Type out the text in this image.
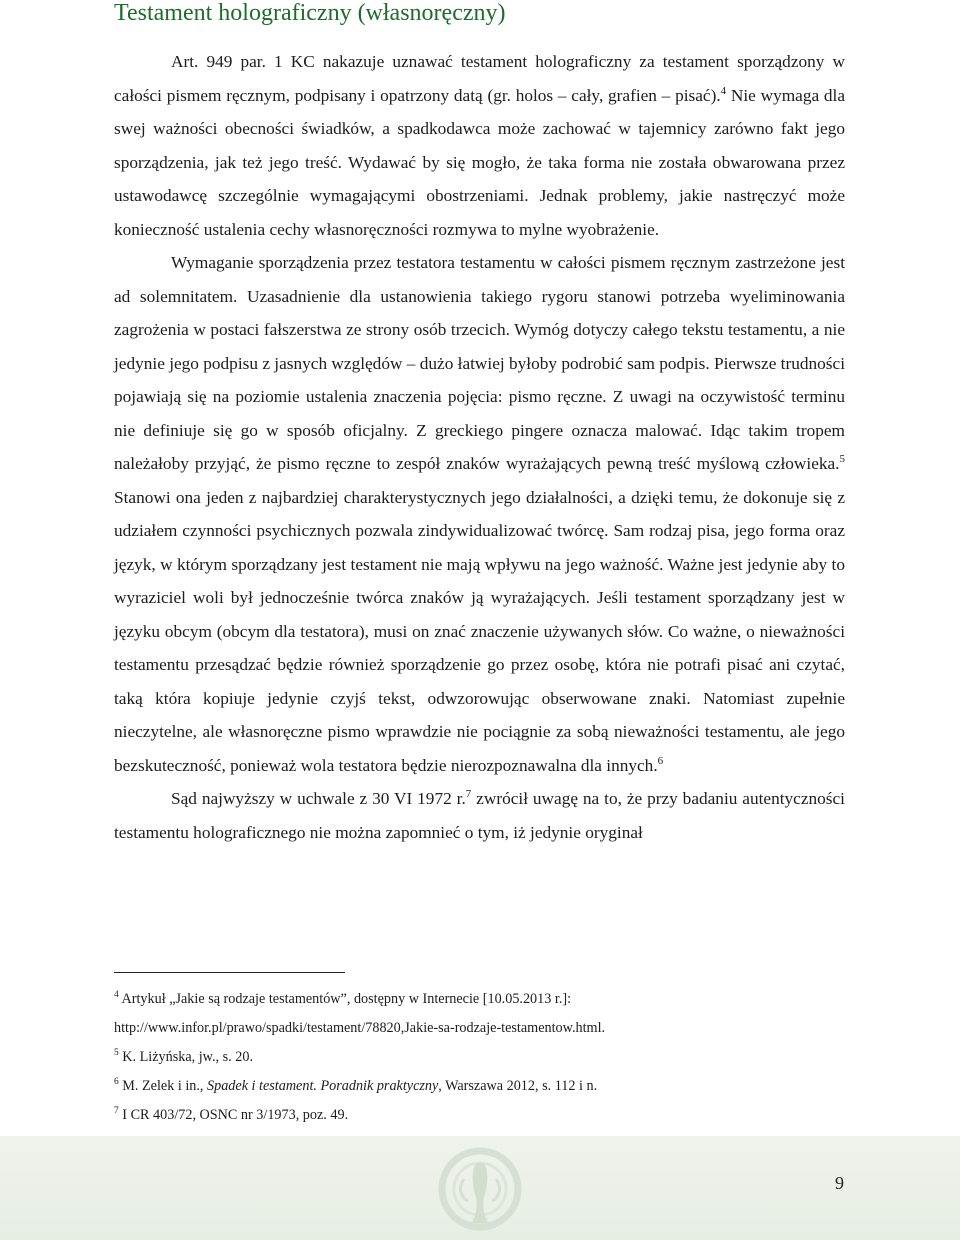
Testament holograficzny (własnoręczny)

Art. 949 par. 1 KC nakazuje uznawać testament holograficzny za testament sporządzony w całości pismem ręcznym, podpisany i opatrzony datą (gr. holos – cały, grafien – pisać).$^4$ Nie wymaga dla swej ważności obecności świadków, a spadkodawca może zachować w tajemnicy zarówno fakt jego sporządzenia, jak też jego treść. Wydawać by się mogło, że taka forma nie została obwarowana przez ustawodawcę szczególnie wymagającymi obostrzeniami. Jednak problemy, jakie nastręczyć może konieczność ustalenia cechy własnoręczności rozmywa to mylne wyobrażenie.

Wymaganie sporządzenia przez testatora testamentu w całości pismem ręcznym zastrzeżone jest ad solemnitatem. Uzasadnienie dla ustanowienia takiego rygoru stanowi potrzeba wyeliminowania zagrożenia w postaci fałszerstwa ze strony osób trzecich. Wymóg dotyczy całego tekstu testamentu, a nie jedynie jego podpisu z jasnych względów – dużo łatwiej byłoby podrobić sam podpis. Pierwsze trudności pojawiają się na poziomie ustalenia znaczenia pojęcia: pismo ręczne. Z uwagi na oczywistość terminu nie definiuje się go w sposób oficjalny. Z greckiego pingere oznacza malować. Idąc takim tropem należałoby przyjąć, że pismo ręczne to zespół znaków wyrażających pewną treść myślową człowieka.$^5$ Stanowi ona jeden z najbardziej charakterystycznych jego działalności, a dzięki temu, że dokonuje się z udziałem czynności psychicznych pozwala zindywidualizować twórcę. Sam rodzaj pisa, jego forma oraz język, w którym sporządzany jest testament nie mają wpływu na jego ważność. Ważne jest jedynie aby to wyraziciel woli był jednocześnie twórca znaków ją wyrażających. Jeśli testament sporządzany jest w języku obcym (obcym dla testatora), musi on znać znaczenie używanych słów. Co ważne, o nieważności testamentu przesądzać będzie również sporządzenie go przez osobę, która nie potrafi pisać ani czytać, taką która kopiuje jedynie czyjś tekst, odwzorowując obserwowane znaki. Natomiast zupełnie nieczytelne, ale własnoręczne pismo wprawdzie nie pociągnie za sobą nieważności testamentu, ale jego bezskuteczność, ponieważ wola testatora będzie nierozpoznawalna dla innych.$^6$

Sąd najwyższy w uchwale z 30 VI 1972 r.$^7$ zwrócił uwagę na to, że przy badaniu autentyczności testamentu holograficznego nie można zapomnieć o tym, iż jedynie oryginał

$^4$ Artykuł „Jakie są rodzaje testamentów”, dostępny w Internecie [10.05.2013 r.]:
http://www.infor.pl/prawo/spadki/testament/78820,Jakie-sa-rodzaje-testamentow.html.
$^5$ K. Liżyńska, jw., s. 20.
$^6$ M. Zelek i in., Spadek i testament. Poradnik praktyczny, Warszawa 2012, s. 112 i n.
$^7$ I CR 403/72, OSNC nr 3/1973, poz. 49.
9
